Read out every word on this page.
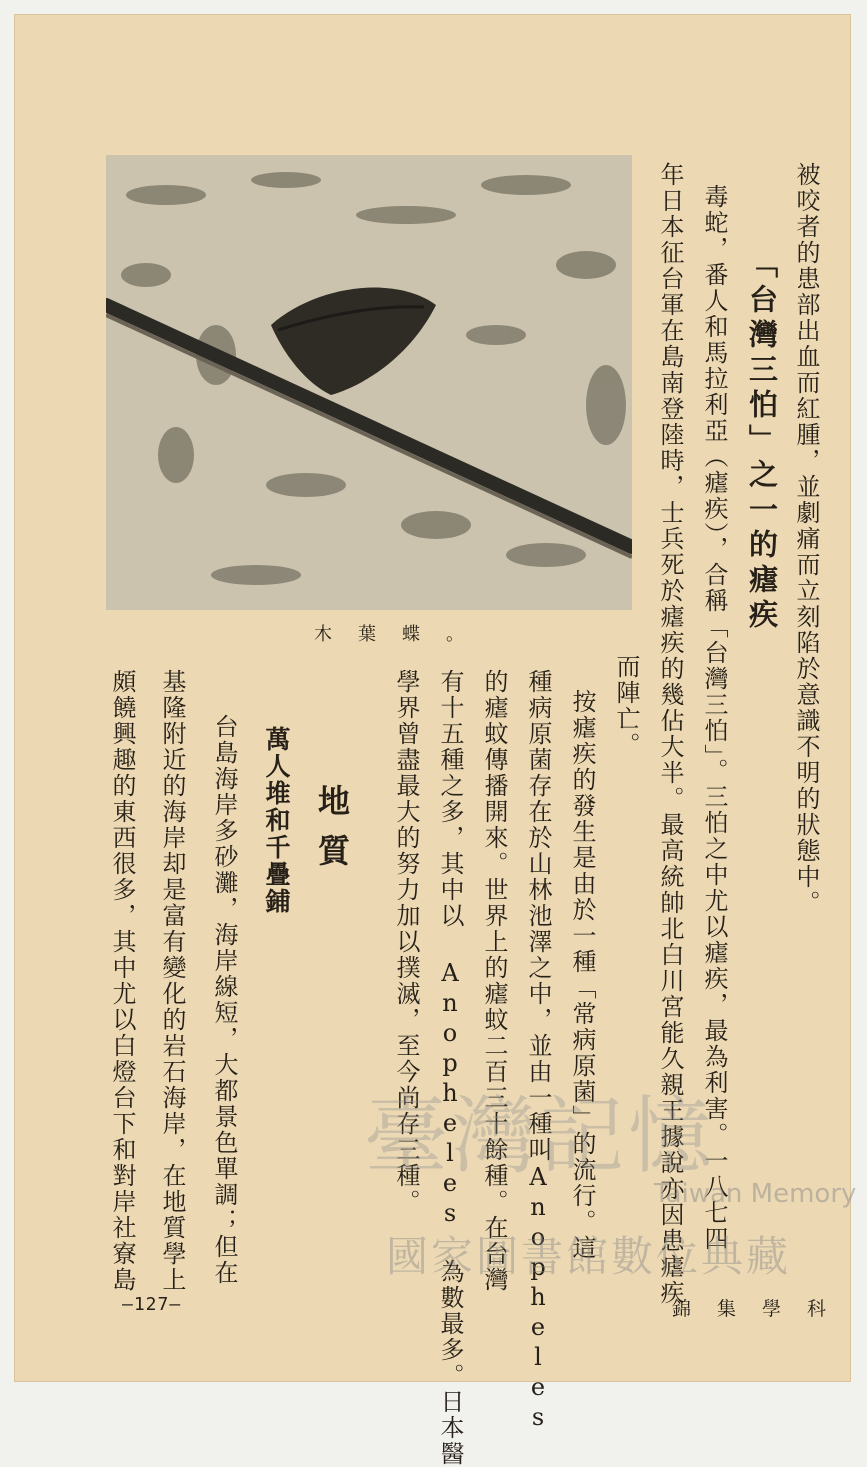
木葉蝶。	被咬者的患部出血而紅腫，並劇痛而立刻陷於意識不明的狀態中。
「台灣三怕」之一的瘧疾
毒蛇，番人和馬拉利亞（瘧疾），合稱「台灣三怕」。三怕之中尤以瘧疾，最為利害。一八七四
年日本征台軍在島南登陸時，士兵死於瘧疾的幾佔大半。最高統帥北白川宮能久親王據說亦因患瘧疾
而陣亡。
按瘧疾的發生是由於一種「常病原菌」的流行。這
種病原菌存在於山林池澤之中，並由一種叫Anopheles
的瘧蚊傳播開來。世界上的瘧蚊二百三十餘種。在台灣
有十五種之多，其中以 Anopheles 為數最多。日本醫
學界曾盡最大的努力加以撲滅，至今尚存三種。
地質
萬人堆和千疊鋪
台島海岸多砂灘，海岸線短，大都景色單調；但在
基隆附近的海岸却是富有變化的岩石海岸，在地質學上
頗饒興趣的東西很多，其中尤以白燈台下和對岸社寮島
—127—	錦集學科
臺灣記憶
Taiwan Memory
國家圖書館數位典藏
